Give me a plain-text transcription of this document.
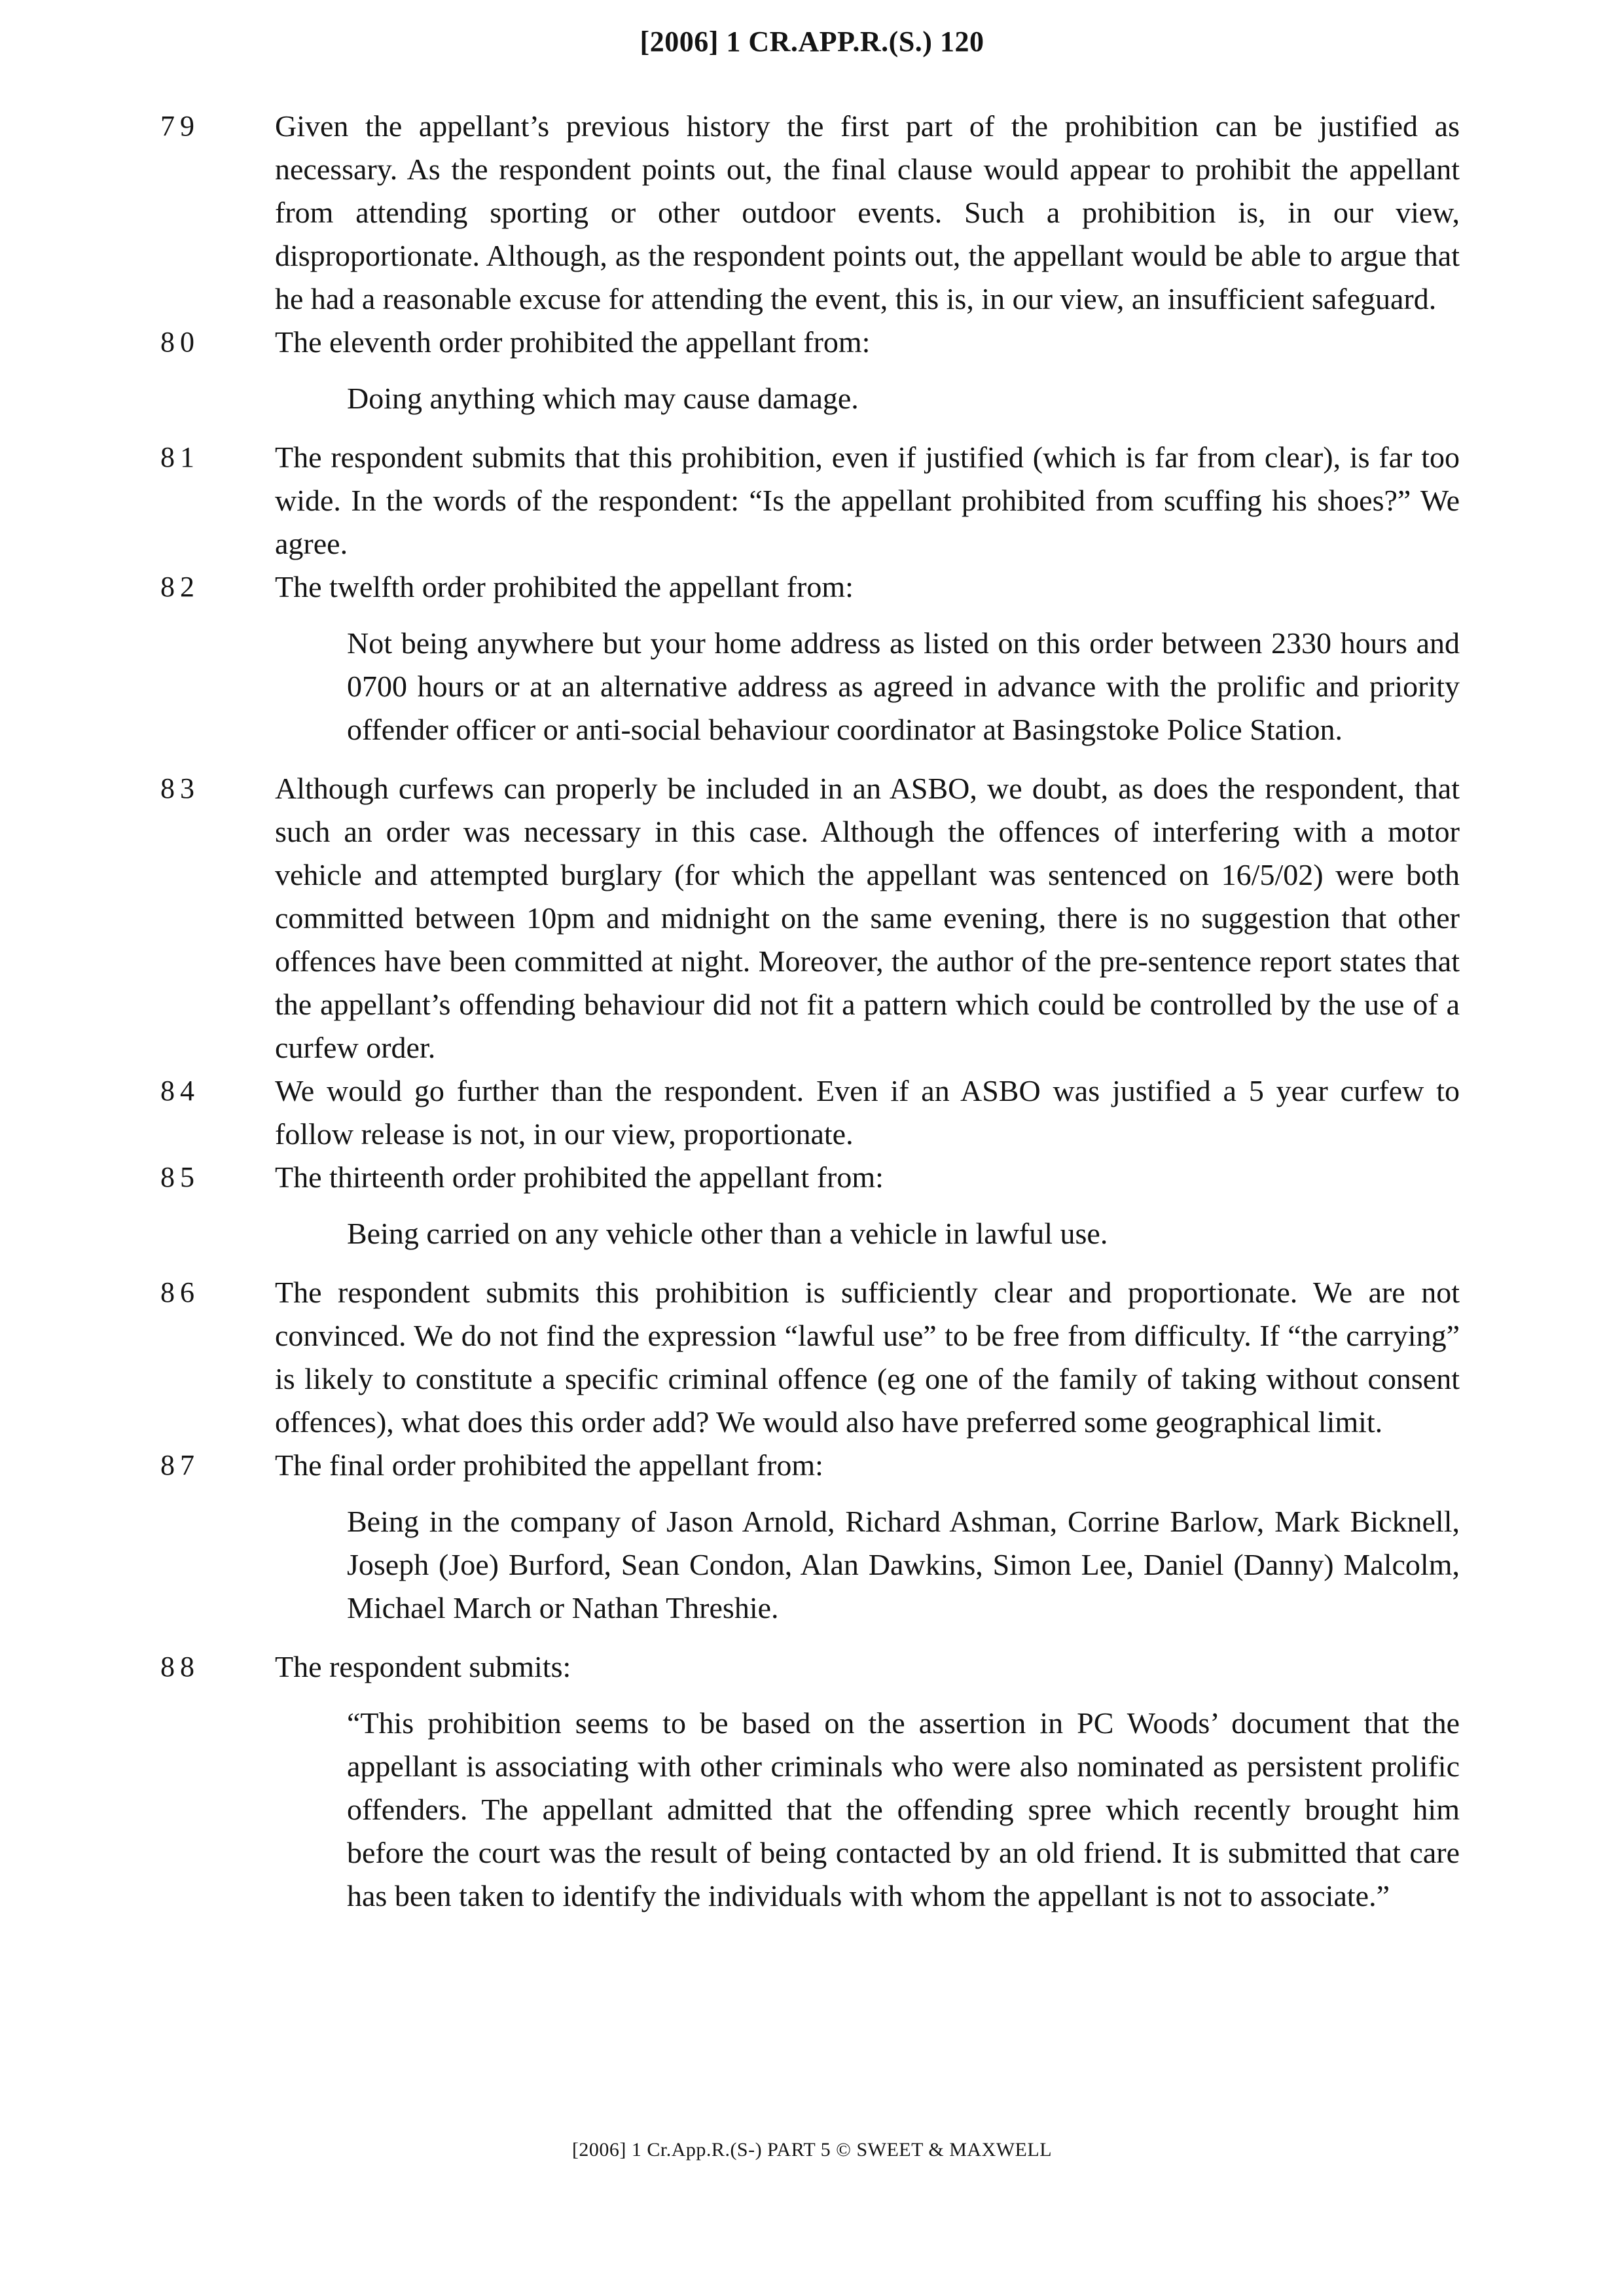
[2006] 1 CR.APP.R.(S.) 120
79	Given the appellant’s previous history the first part of the prohibition can be justified as necessary. As the respondent points out, the final clause would appear to prohibit the appellant from attending sporting or other outdoor events. Such a prohibition is, in our view, disproportionate. Although, as the respondent points out, the appellant would be able to argue that he had a reasonable excuse for attending the event, this is, in our view, an insufficient safeguard.
80	The eleventh order prohibited the appellant from:
Doing anything which may cause damage.
81	The respondent submits that this prohibition, even if justified (which is far from clear), is far too wide. In the words of the respondent: “Is the appellant prohibited from scuffing his shoes?” We agree.
82	The twelfth order prohibited the appellant from:
Not being anywhere but your home address as listed on this order between 2330 hours and 0700 hours or at an alternative address as agreed in advance with the prolific and priority offender officer or anti-social behaviour coordinator at Basingstoke Police Station.
83	Although curfews can properly be included in an ASBO, we doubt, as does the respondent, that such an order was necessary in this case. Although the offences of interfering with a motor vehicle and attempted burglary (for which the appellant was sentenced on 16/5/02) were both committed between 10pm and midnight on the same evening, there is no suggestion that other offences have been committed at night. Moreover, the author of the pre-sentence report states that the appellant’s offending behaviour did not fit a pattern which could be controlled by the use of a curfew order.
84	We would go further than the respondent. Even if an ASBO was justified a 5 year curfew to follow release is not, in our view, proportionate.
85	The thirteenth order prohibited the appellant from:
Being carried on any vehicle other than a vehicle in lawful use.
86	The respondent submits this prohibition is sufficiently clear and proportionate. We are not convinced. We do not find the expression “lawful use” to be free from difficulty. If “the carrying” is likely to constitute a specific criminal offence (eg one of the family of taking without consent offences), what does this order add? We would also have preferred some geographical limit.
87	The final order prohibited the appellant from:
Being in the company of Jason Arnold, Richard Ashman, Corrine Barlow, Mark Bicknell, Joseph (Joe) Burford, Sean Condon, Alan Dawkins, Simon Lee, Daniel (Danny) Malcolm, Michael March or Nathan Threshie.
88	The respondent submits:
“This prohibition seems to be based on the assertion in PC Woods’ document that the appellant is associating with other criminals who were also nominated as persistent prolific offenders. The appellant admitted that the offending spree which recently brought him before the court was the result of being contacted by an old friend. It is submitted that care has been taken to identify the individuals with whom the appellant is not to associate.”
[2006] 1 Cr.App.R.(S-) PART 5 © SWEET & MAXWELL
